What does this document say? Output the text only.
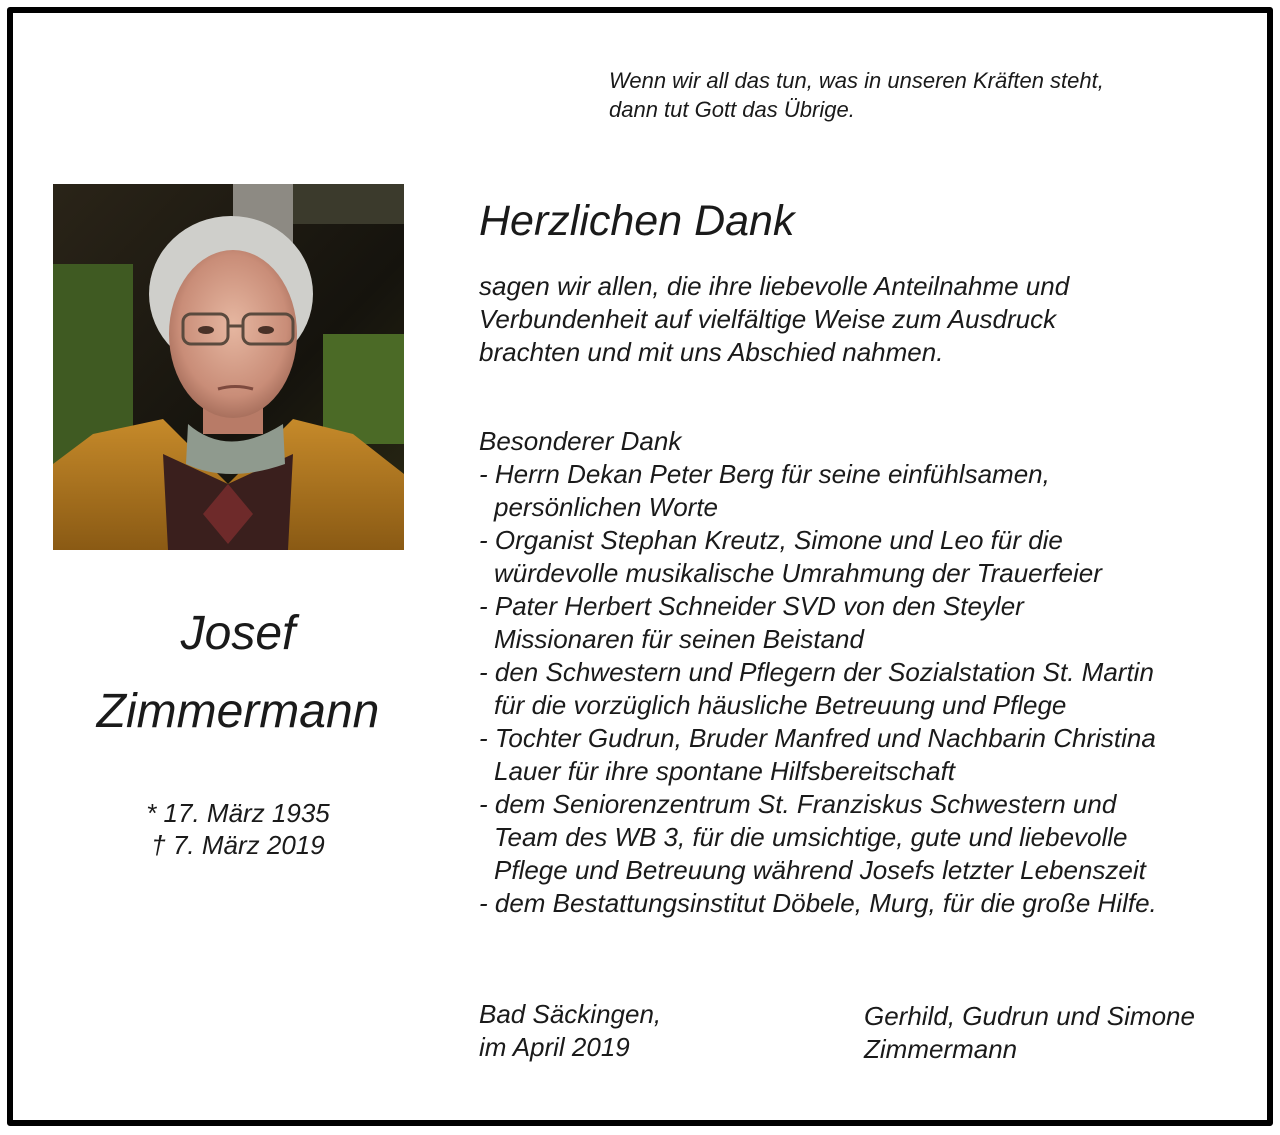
Wenn wir all das tun, was in unseren Kräften steht,
dann tut Gott das Übrige.
Josef
Zimmermann
* 17. März 1935
† 7. März 2019
Herzlichen Dank
sagen wir allen, die ihre liebevolle Anteilnahme und
Verbundenheit auf vielfältige Weise zum Ausdruck
brachten und mit uns Abschied nahmen.
Besonderer Dank
- Herrn Dekan Peter Berg für seine einfühlsamen,
persönlichen Worte
- Organist Stephan Kreutz, Simone und Leo für die
würdevolle musikalische Umrahmung der Trauerfeier
- Pater Herbert Schneider SVD von den Steyler
Missionaren für seinen Beistand
- den Schwestern und Pflegern der Sozialstation St. Martin
für die vorzüglich häusliche Betreuung und Pflege
- Tochter Gudrun, Bruder Manfred und Nachbarin Christina
Lauer für ihre spontane Hilfsbereitschaft
- dem Seniorenzentrum St. Franziskus Schwestern und
Team des WB 3, für die umsichtige, gute und liebevolle
Pflege und Betreuung während Josefs letzter Lebenszeit
- dem Bestattungsinstitut Döbele, Murg, für die große Hilfe.
Bad Säckingen,
im April 2019
Gerhild, Gudrun und Simone
Zimmermann
